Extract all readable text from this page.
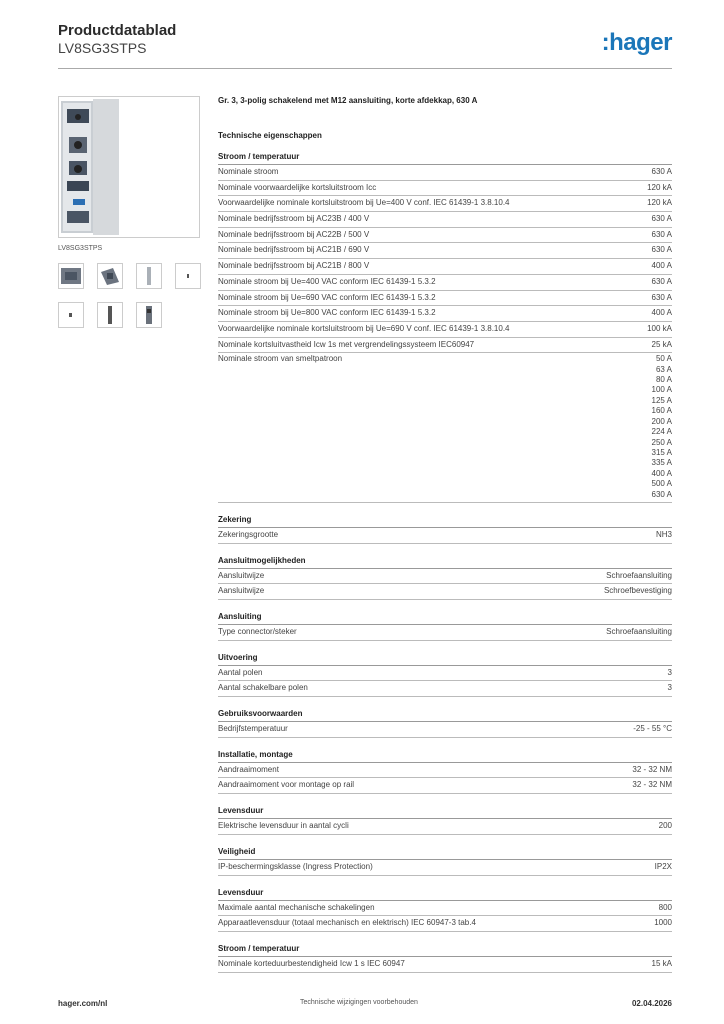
Productdatablad
LV8SG3STPS	:hager
LV8SG3STPS
Gr. 3, 3-polig schakelend met M12 aansluiting, korte afdekkap, 630 A
Technische eigenschappen
Stroom / temperatuur
Nominale stroom	630 A
Nominale voorwaardelijke kortsluitstroom Icc	120 kA
Voorwaardelijke nominale kortsluitstroom bij Ue=400 V conf. IEC 61439-1 3.8.10.4	120 kA
Nominale bedrijfsstroom bij AC23B / 400 V	630 A
Nominale bedrijfsstroom bij AC22B / 500 V	630 A
Nominale bedrijfsstroom bij AC21B / 690 V	630 A
Nominale bedrijfsstroom bij AC21B / 800 V	400 A
Nominale stroom bij Ue=400 VAC conform IEC 61439-1 5.3.2	630 A
Nominale stroom bij Ue=690 VAC conform IEC 61439-1 5.3.2	630 A
Nominale stroom bij Ue=800 VAC conform IEC 61439-1 5.3.2	400 A
Voorwaardelijke nominale kortsluitstroom bij Ue=690 V conf. IEC 61439-1 3.8.10.4	100 kA
Nominale kortsluitvastheid Icw 1s met vergrendelingssysteem IEC60947	25 kA
Nominale stroom van smeltpatroon	50 A
63 A
80 A
100 A
125 A
160 A
200 A
224 A
250 A
315 A
335 A
400 A
500 A
630 A
Zekering
Zekeringsgrootte	NH3
Aansluitmogelijkheden
Aansluitwijze	Schroefaansluiting
Aansluitwijze	Schroefbevestiging
Aansluiting
Type connector/steker	Schroefaansluiting
Uitvoering
Aantal polen	3
Aantal schakelbare polen	3
Gebruiksvoorwaarden
Bedrijfstemperatuur	-25 - 55 °C
Installatie, montage
Aandraaimoment	32 - 32 NM
Aandraaimoment voor montage op rail	32 - 32 NM
Levensduur
Elektrische levensduur in aantal cycli	200
Veiligheid
IP-beschermingsklasse (Ingress Protection)	IP2X
Levensduur
Maximale aantal mechanische schakelingen	800
Apparaatlevensduur (totaal mechanisch en elektrisch) IEC 60947-3 tab.4	1000
Stroom / temperatuur
Nominale korteduurbestendigheid Icw 1 s IEC 60947	15 kA
hager.com/nl	Technische wijzigingen voorbehouden	02.04.2026
